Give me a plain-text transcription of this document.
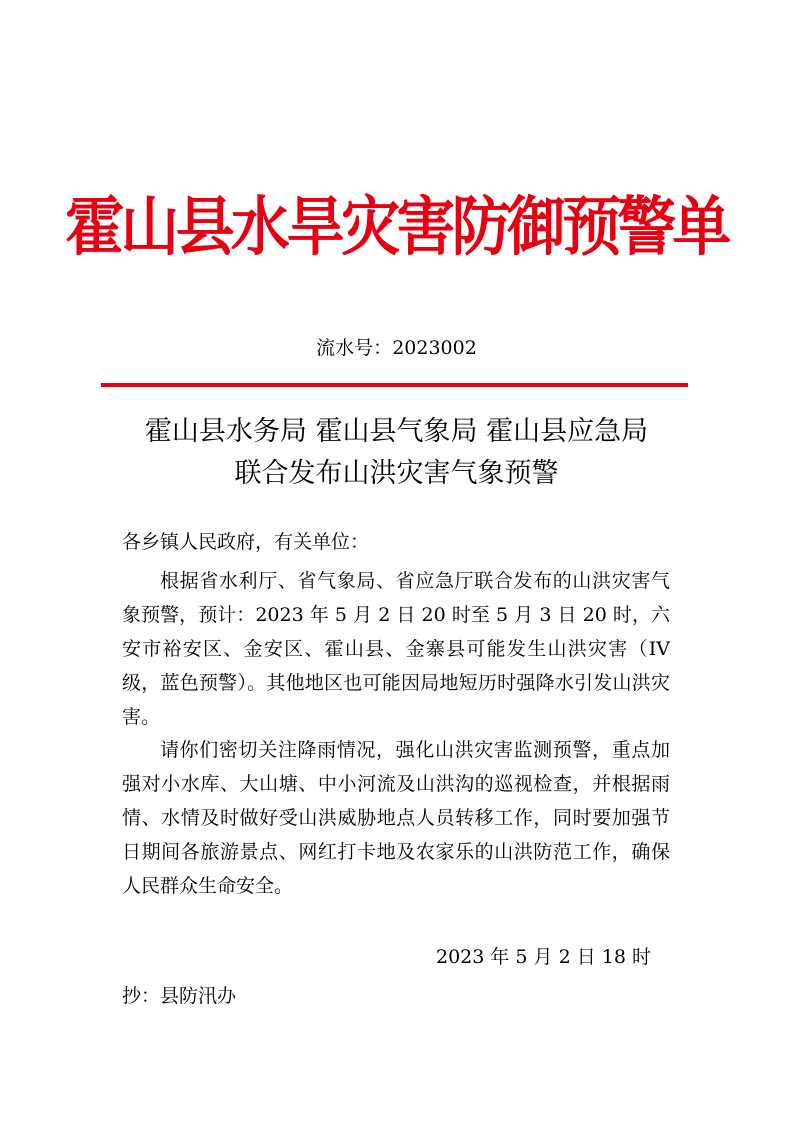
霍山县水旱灾害防御预警单
流水号：2023002
霍山县水务局 霍山县气象局 霍山县应急局
联合发布山洪灾害气象预警
各乡镇人民政府，有关单位：
根据省水利厅、省气象局、省应急厅联合发布的山洪灾害气象预警，预计：2023 年 5 月 2 日 20 时至 5 月 3 日 20 时，六安市裕安区、金安区、霍山县、金寨县可能发生山洪灾害（IV 级，蓝色预警）。其他地区也可能因局地短历时强降水引发山洪灾害。
请你们密切关注降雨情况，强化山洪灾害监测预警，重点加强对小水库、大山塘、中小河流及山洪沟的巡视检查，并根据雨情、水情及时做好受山洪威胁地点人员转移工作，同时要加强节日期间各旅游景点、网红打卡地及农家乐的山洪防范工作，确保人民群众生命安全。
2023 年 5 月 2 日 18 时
抄：县防汛办
